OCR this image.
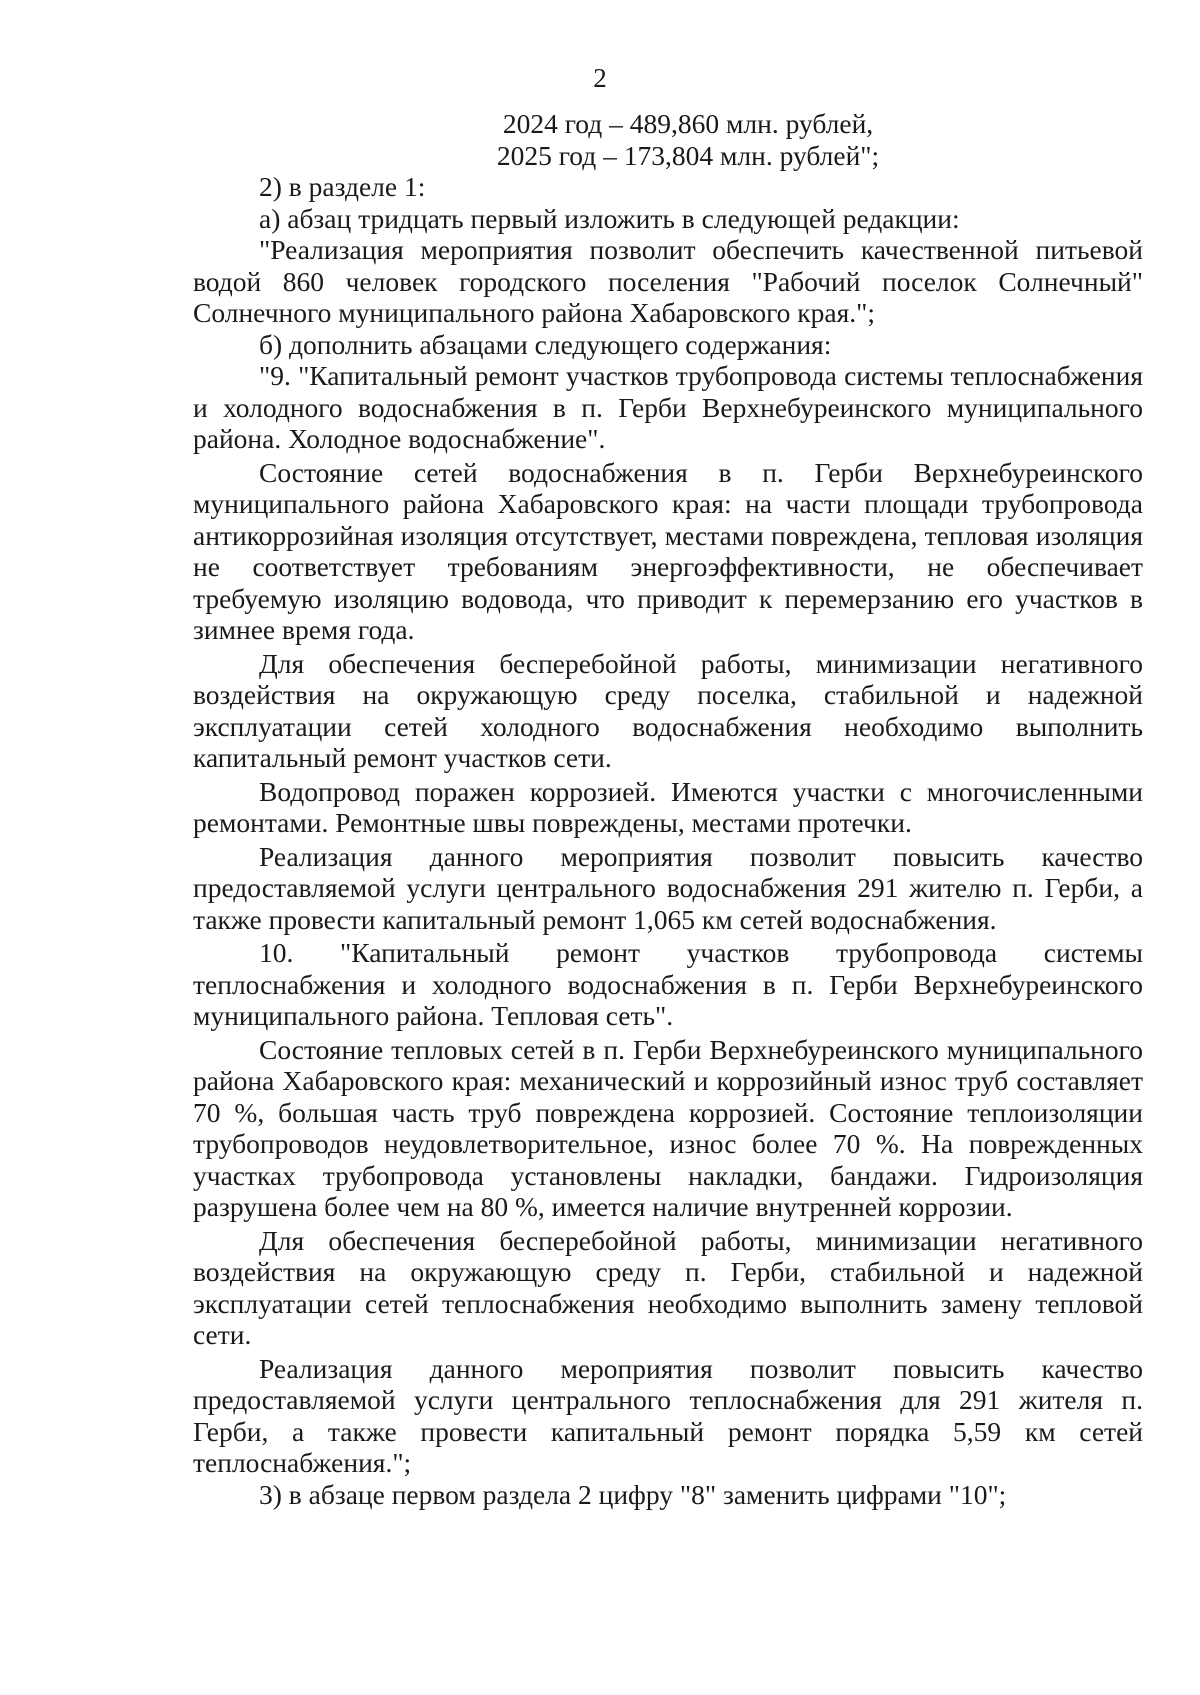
2

2024 год – 489,860 млн. рублей,

2025 год – 173,804 млн. рублей";

2) в разделе 1:

а) абзац тридцать первый изложить в следующей редакции:

"Реализация мероприятия позволит обеспечить качественной питьевой водой 860 человек городского поселения "Рабочий поселок Солнечный" Солнечного муниципального района Хабаровского края.";

б) дополнить абзацами следующего содержания:

"9. "Капитальный ремонт участков трубопровода системы теплоснабжения и холодного водоснабжения в п. Герби Верхнебуреинского муниципального района. Холодное водоснабжение".

Состояние сетей водоснабжения в п. Герби Верхнебуреинского муниципального района Хабаровского края: на части площади трубопровода антикоррозийная изоляция отсутствует, местами повреждена, тепловая изоляция не соответствует требованиям энергоэффективности, не обеспечивает требуемую изоляцию водовода, что приводит к перемерзанию его участков в зимнее время года.

Для обеспечения бесперебойной работы, минимизации негативного воздействия на окружающую среду поселка, стабильной и надежной эксплуатации сетей холодного водоснабжения необходимо выполнить капитальный ремонт участков сети.

Водопровод поражен коррозией. Имеются участки с многочисленными ремонтами. Ремонтные швы повреждены, местами протечки.

Реализация данного мероприятия позволит повысить качество предоставляемой услуги центрального водоснабжения 291 жителю п. Герби, а также провести капитальный ремонт 1,065 км сетей водоснабжения.

10. "Капитальный ремонт участков трубопровода системы теплоснабжения и холодного водоснабжения в п. Герби Верхнебуреинского муниципального района. Тепловая сеть".

Состояние тепловых сетей в п. Герби Верхнебуреинского муниципального района Хабаровского края: механический и коррозийный износ труб составляет 70 %, большая часть труб повреждена коррозией. Состояние теплоизоляции трубопроводов неудовлетворительное, износ более 70 %. На поврежденных участках трубопровода установлены накладки, бандажи. Гидроизоляция разрушена более чем на 80 %, имеется наличие внутренней коррозии.

Для обеспечения бесперебойной работы, минимизации негативного воздействия на окружающую среду п. Герби, стабильной и надежной эксплуатации сетей теплоснабжения необходимо выполнить замену тепловой сети.

Реализация данного мероприятия позволит повысить качество предоставляемой услуги центрального теплоснабжения для 291 жителя п. Герби, а также провести капитальный ремонт порядка 5,59 км сетей теплоснабжения.";

3) в абзаце первом раздела 2 цифру "8" заменить цифрами "10";
